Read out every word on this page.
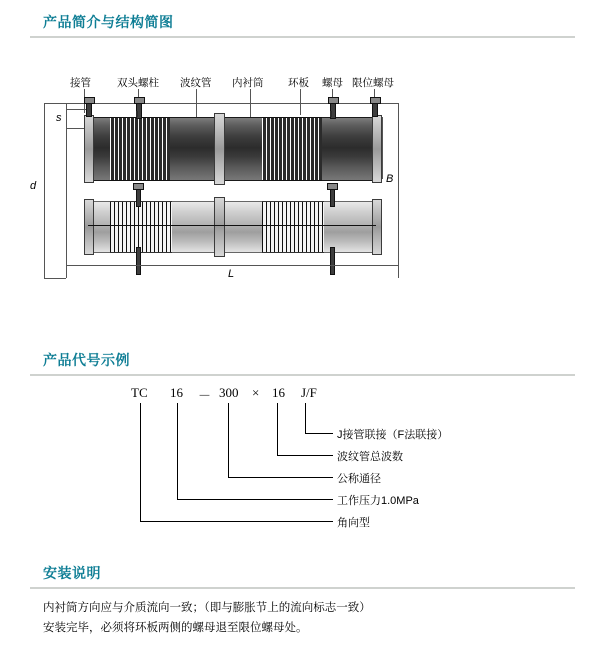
产品简介与结构简图
接管 双头螺柱 波纹管 内衬筒 环板 螺母 限位螺母
s
B
d
L
产品代号示例
TC 16 － 300 × 16 J/F
J接管联接（F法联接）
波纹管总波数
公称通径
工作压力1.0MPa
角向型
安装说明
内衬筒方向应与介质流向一致；（即与膨胀节上的流向标志一致）
安装完毕，必须将环板两侧的螺母退至限位螺母处。
